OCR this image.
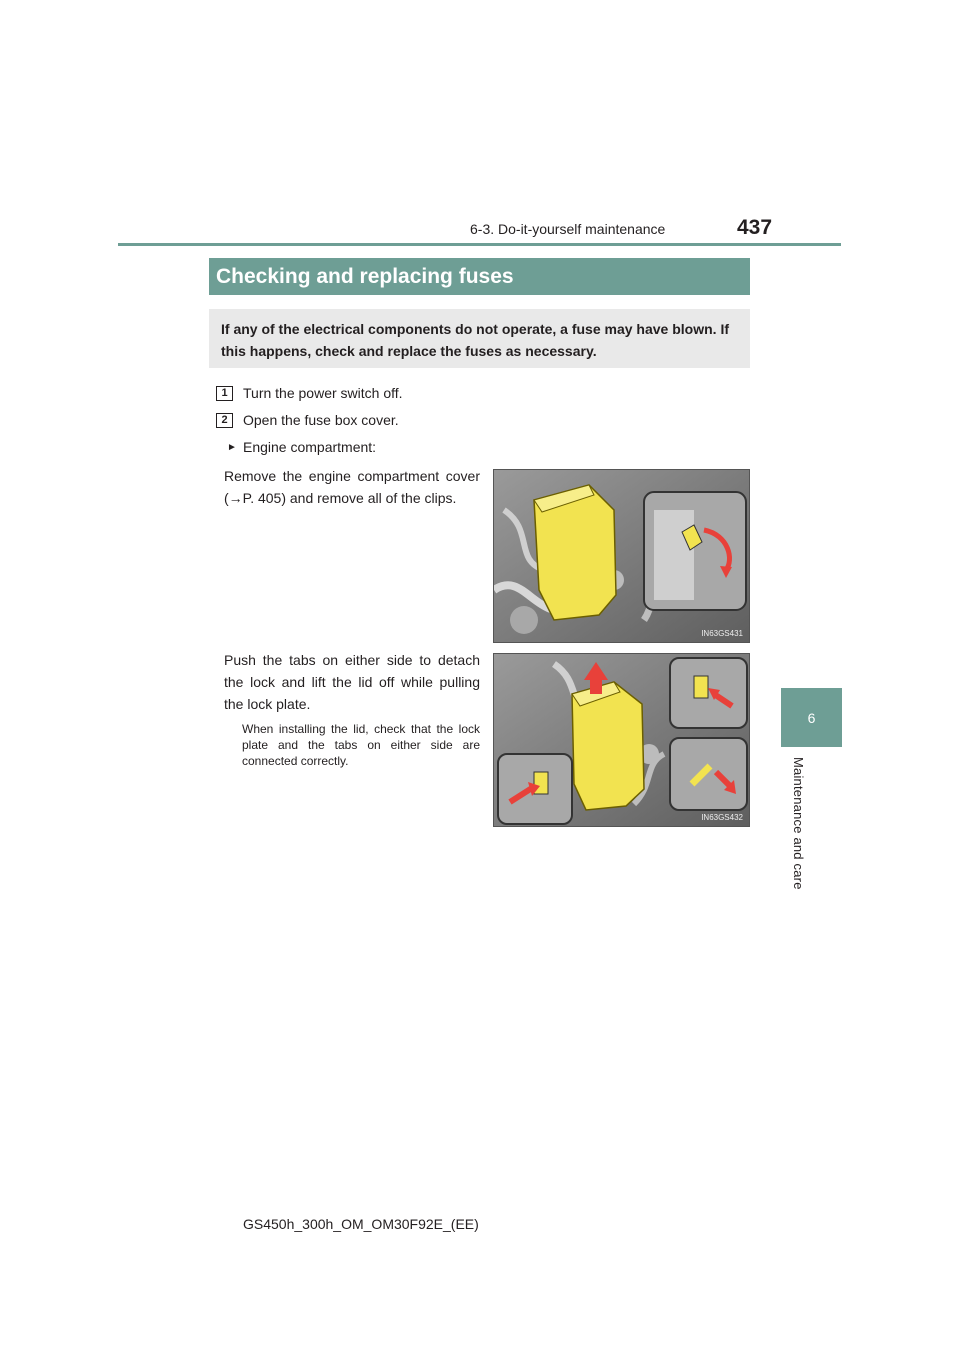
6-3. Do-it-yourself maintenance	437
6
Maintenance and care
Checking and replacing fuses
If any of the electrical components do not operate, a fuse may have blown. If this happens, check and replace the fuses as necessary.
1	Turn the power switch off.
2	Open the fuse box cover.
► Engine compartment:
Remove the engine compartment cover (→P. 405) and remove all of the clips.
IN63GS431
Push the tabs on either side to detach the lock and lift the lid off while pulling the lock plate.
When installing the lid, check that the lock plate and the tabs on either side are connected correctly.
IN63GS432
GS450h_300h_OM_OM30F92E_(EE)
